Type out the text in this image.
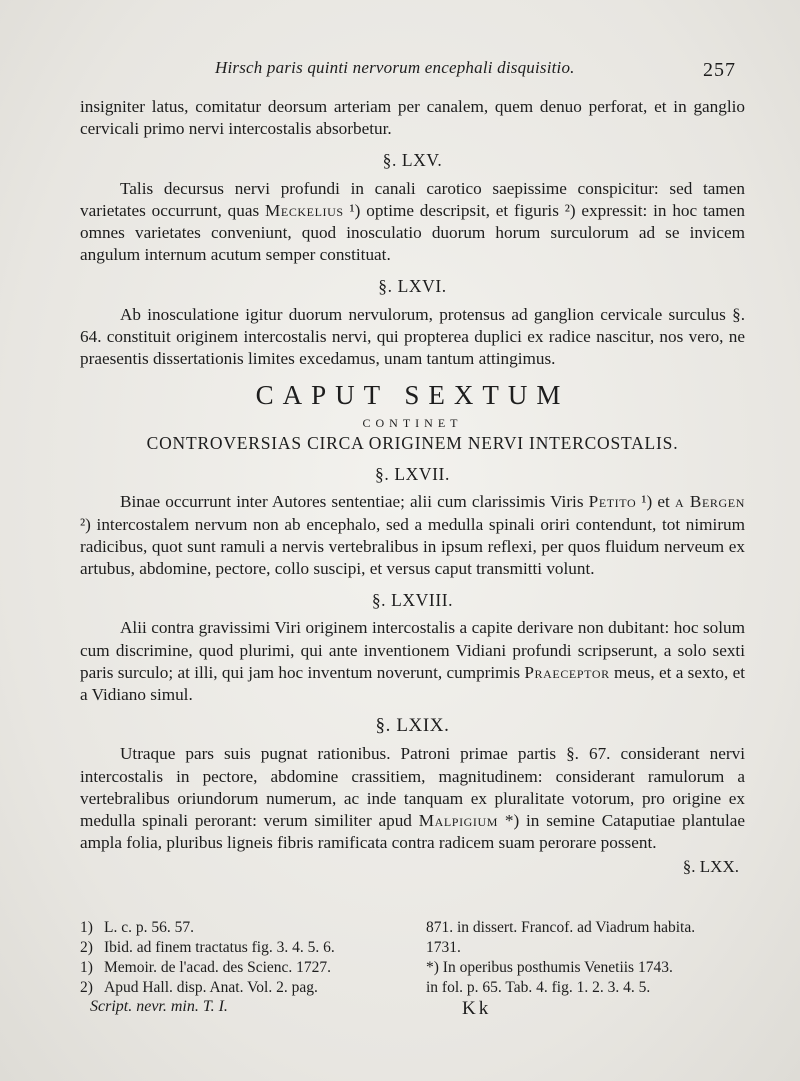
Hirsch paris quinti nervorum encephali disquisitio.	257

insigniter latus, comitatur deorsum arteriam per canalem, quem denuo perforat, et in ganglio cervicali primo nervi intercostalis absorbetur.

§. LXV.

Talis decursus nervi profundi in canali carotico saepissime conspicitur: sed tamen varietates occurrunt, quas Meckelius ¹) optime descripsit, et figuris ²) expressit: in hoc tamen omnes varietates conveniunt, quod inosculatio duorum horum surculorum ad se invicem angulum internum acutum semper constituat.

§. LXVI.

Ab inosculatione igitur duorum nervulorum, protensus ad ganglion cervicale surculus §. 64. constituit originem intercostalis nervi, qui propterea duplici ex radice nascitur, nos vero, ne praesentis dissertationis limites excedamus, unam tantum attingimus.

CAPUT SEXTUM
CONTINET
CONTROVERSIAS CIRCA ORIGINEM NERVI INTERCOSTALIS.
§. LXVII.

Binae occurrunt inter Autores sententiae; alii cum clarissimis Viris Petito ¹) et a Bergen ²) intercostalem nervum non ab encephalo, sed a medulla spinali oriri contendunt, tot nimirum radicibus, quot sunt ramuli a nervis vertebralibus in ipsum reflexi, per quos fluidum nerveum ex artubus, abdomine, pectore, collo suscipi, et versus caput transmitti volunt.

§. LXVIII.

Alii contra gravissimi Viri originem intercostalis a capite derivare non dubitant: hoc solum cum discrimine, quod plurimi, qui ante inventionem Vidiani profundi scripserunt, a solo sexti paris surculo; at illi, qui jam hoc inventum noverunt, cumprimis Praeceptor meus, et a sexto, et a Vidiano simul.

§. LXIX.

Utraque pars suis pugnat rationibus. Patroni primae partis §. 67. considerant nervi intercostalis in pectore, abdomine crassitiem, magnitudinem: considerant ramulorum a vertebralibus oriundorum numerum, ac inde tanquam ex pluralitate votorum, pro origine ex medulla spinali perorant: verum similiter apud Malpigium *) in semine Cataputiae plantulae ampla folia, pluribus ligneis fibris ramificata contra radicem suam perorare possent.

§. LXX.
1) L. c. p. 56. 57.
2) Ibid. ad finem tractatus fig. 3. 4. 5. 6.
1) Memoir. de l'acad. des Scienc. 1727.
2) Apud Hall. disp. Anat. Vol. 2. pag.
871. in dissert. Francof. ad Viadrum habita.
1731.
*) In operibus posthumis Venetiis 1743.
in fol. p. 65. Tab. 4. fig. 1. 2. 3. 4. 5.
Script. nevr. min. T. I.	Kk
